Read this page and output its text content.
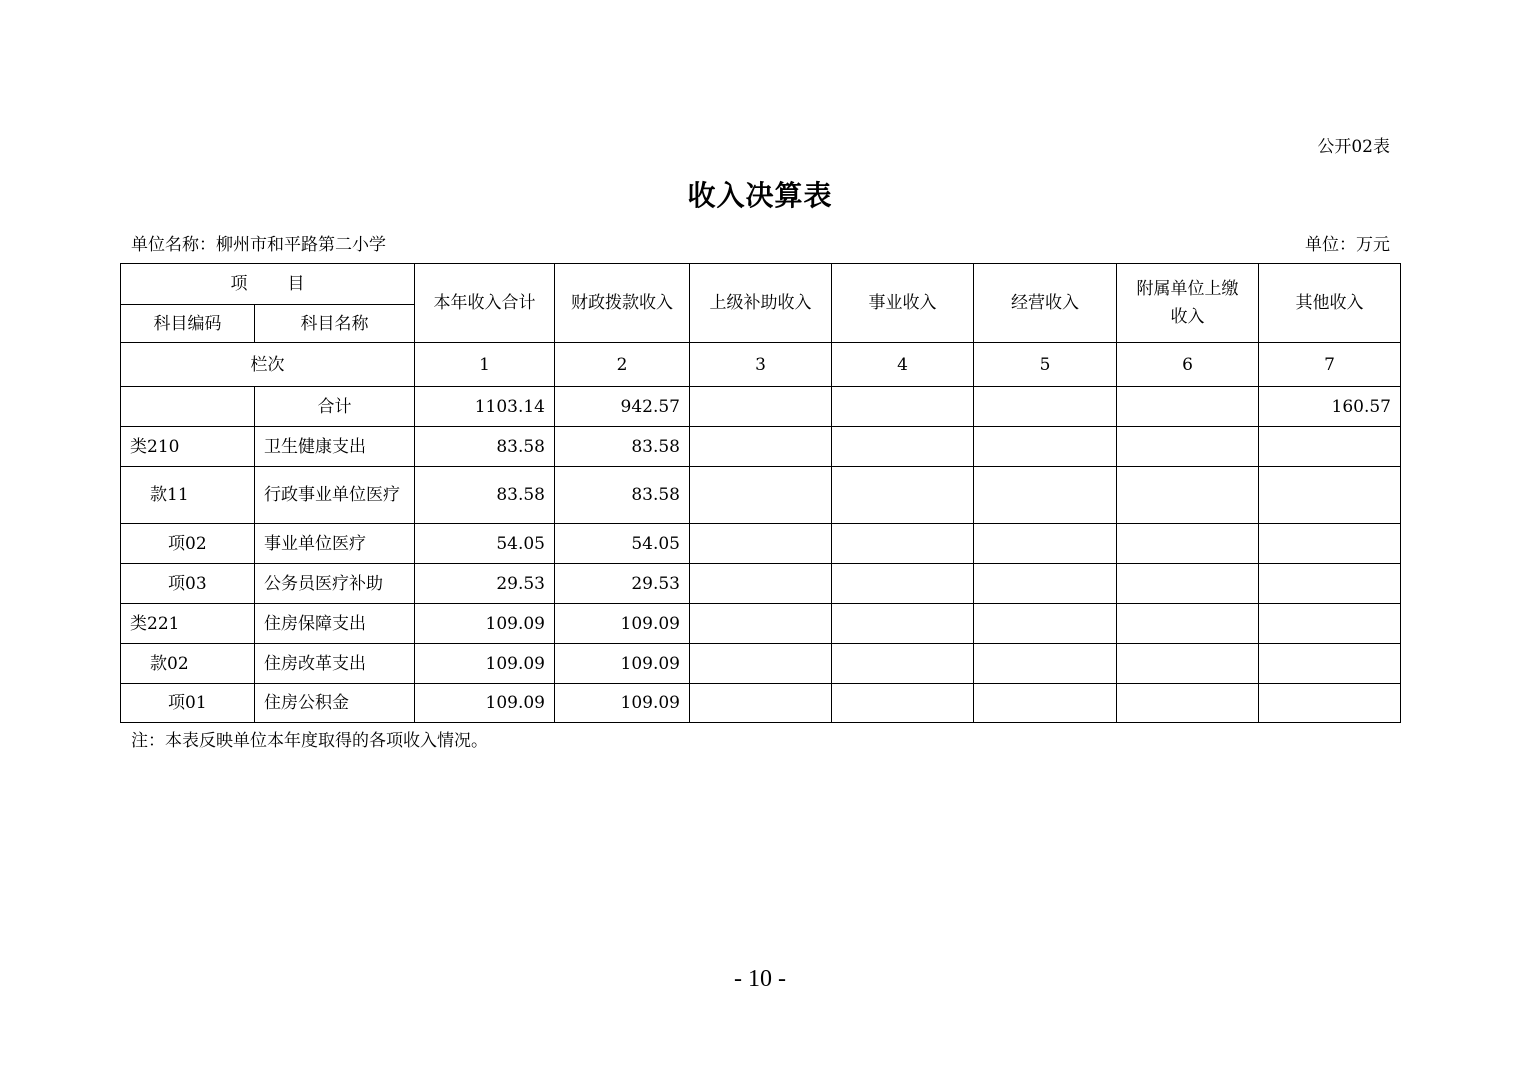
公开02表
收入决算表
单位名称：柳州市和平路第二小学	单位：万元
项 目		本年收入合计	财政拨款收入	上级补助收入	事业收入	经营收入	附属单位上缴收入	其他收入
科目编码	科目名称							
栏次		1	2	3	4	5	6	7
	合计	1103.14	942.57					160.57
类210	卫生健康支出	83.58	83.58					
款11	行政事业单位医疗	83.58	83.58					
项02	事业单位医疗	54.05	54.05					
项03	公务员医疗补助	29.53	29.53					
类221	住房保障支出	109.09	109.09					
款02	住房改革支出	109.09	109.09					
项01	住房公积金	109.09	109.09					
注：本表反映单位本年度取得的各项收入情况。
- 10 -
